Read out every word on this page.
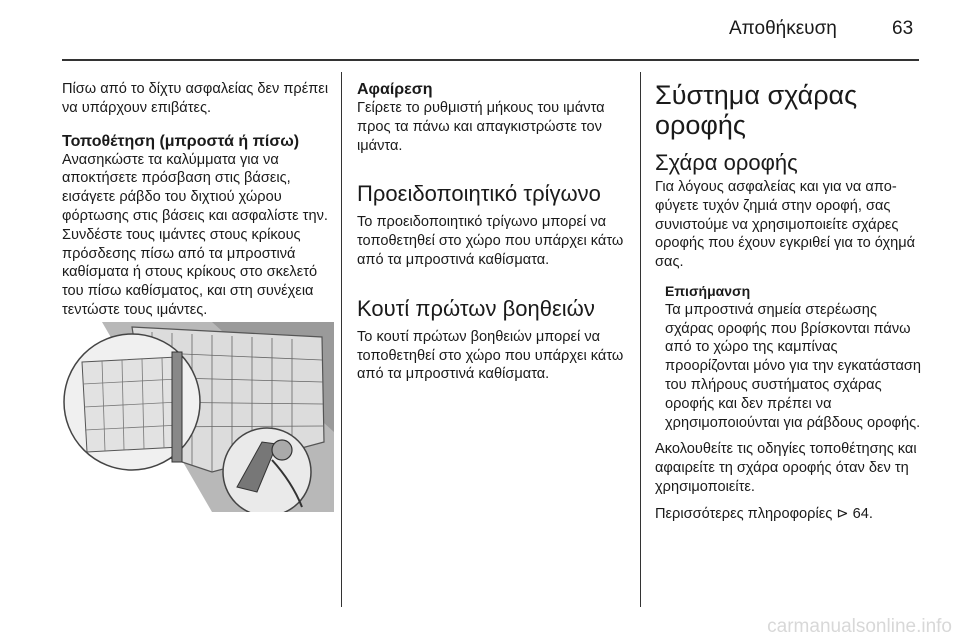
Αποθήκευση	63

Πίσω από το δίχτυ ασφαλείας δεν πρέπει να υπάρχουν επιβάτες.

Τοποθέτηση (μπροστά ή πίσω)

Ανασηκώστε τα καλύμματα για να αποκτήσετε πρόσβαση στις βάσεις, εισάγετε ράβδο του διχτιού χώρου φόρτωσης στις βάσεις και ασφαλίστε την. Συνδέστε τους ιμάντες στους κρίκους πρόσδεσης πίσω από τα μπροστινά καθίσματα ή στους κρίκους στο σκελετό του πίσω καθίσματος, και στη συνέχεια τεντώστε τους ιμάντες.

Αφαίρεση

Γείρετε το ρυθμιστή μήκους του ιμάντα προς τα πάνω και απαγκιστρώστε τον ιμάντα.

Προειδοποιητικό τρίγωνο

Το προειδοποιητικό τρίγωνο μπορεί να τοποθετηθεί στο χώρο που υπάρχει κάτω από τα μπροστινά καθίσματα.

Κουτί πρώτων βοηθειών

Το κουτί πρώτων βοηθειών μπορεί να τοποθετηθεί στο χώρο που υπάρχει κάτω από τα μπροστινά καθίσματα.

Σύστημα σχάρας οροφής
Σχάρα οροφής

Για λόγους ασφαλείας και για να αποφύγετε τυχόν ζημιά στην οροφή, σας συνιστούμε να χρησιμοποιείτε σχάρες οροφής που έχουν εγκριθεί για το όχημά σας.

Επισήμανση

Τα μπροστινά σημεία στερέωσης σχάρας οροφής που βρίσκονται πάνω από το χώρο της καμπίνας προορίζονται μόνο για την εγκατάσταση του πλήρους συστήματος σχάρας οροφής και δεν πρέπει να χρησιμοποιούνται για ράβδους οροφής.

Ακολουθείτε τις οδηγίες τοποθέτησης και αφαιρείτε τη σχάρα οροφής όταν δεν τη χρησιμοποιείτε.

Περισσότερες πληροφορίες ⊳ 64.

carmanualsonline.info
